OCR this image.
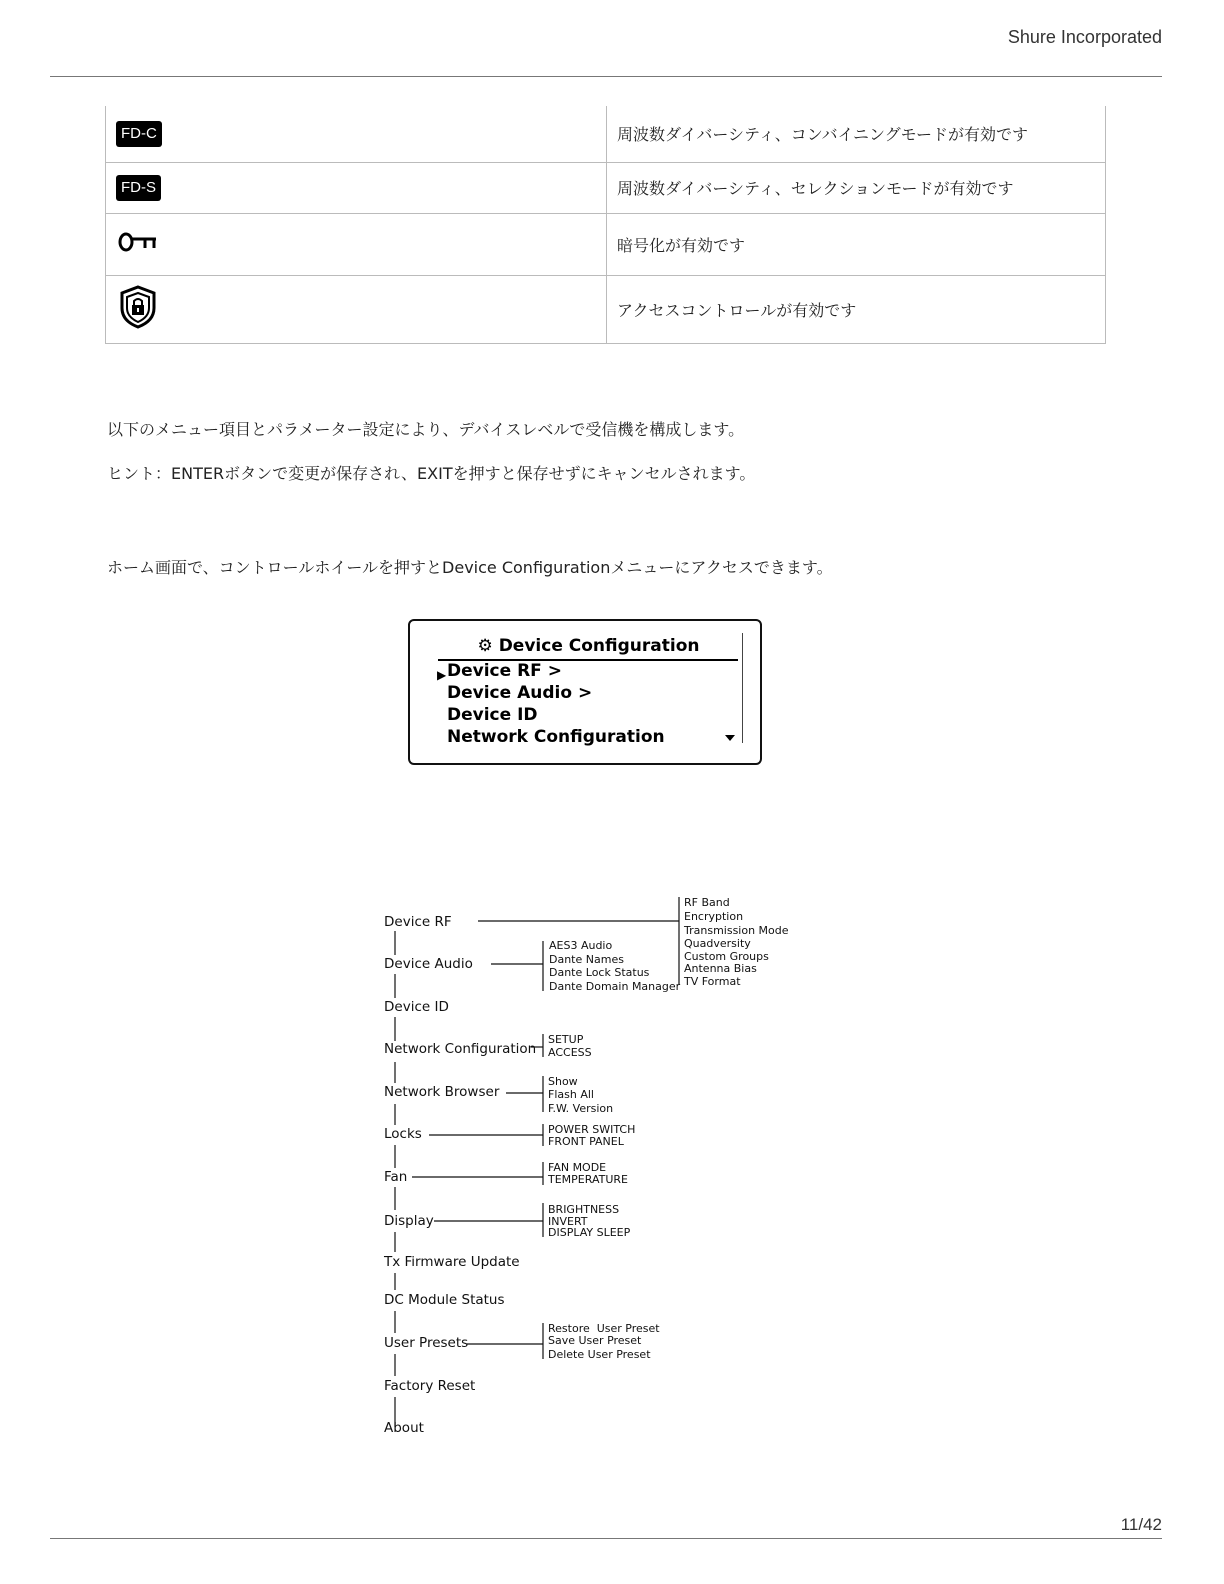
Shure Incorporated
FD-C	周波数ダイバーシティ、コンバイニングモードが有効です
FD-S	周波数ダイバーシティ、セレクションモードが有効です
	暗号化が有効です
	アクセスコントロールが有効です
以下のメニュー項目とパラメーター設定により、デバイスレベルで受信機を構成します。
ヒント：ENTERボタンで変更が保存され、EXITを押すと保存せずにキャンセルされます。
ホーム画面で、コントロールホイールを押すとDevice Configurationメニューにアクセスできます。
⚙ Device Configuration
▶ Device RF >
Device Audio >
Device ID
Network Configuration
Device RF
Device Audio
Device ID
Network Configuration
Network Browser
Locks
Fan
Display
Tx Firmware Update
DC Module Status
User Presets
Factory Reset
About
RF Band
Encryption
Transmission Mode
Quadversity
Custom Groups
Antenna Bias
TV Format
AES3 Audio
Dante Names
Dante Lock Status
Dante Domain Manager
SETUP
ACCESS
Show
Flash All
F.W. Version
POWER SWITCH
FRONT PANEL
FAN MODE
TEMPERATURE
BRIGHTNESS
INVERT
DISPLAY SLEEP
Restore  User Preset
Save User Preset
Delete User Preset
11/42
